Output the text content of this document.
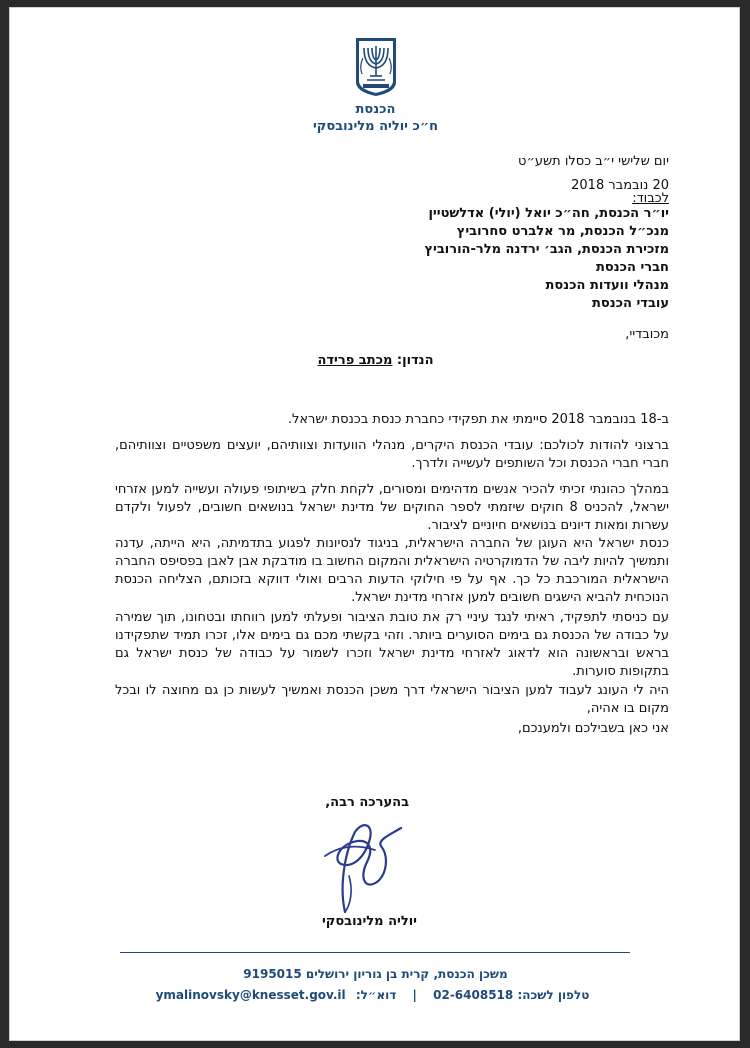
הכנסת
ח״כ יוליה מלינובסקי
יום שלישי י״ב כסלו תשע״ט
20 נובמבר 2018
לכבוד:
יו״ר הכנסת, חה״כ יואל (יולי) אדלשטיין
מנכ״ל הכנסת, מר אלברט סחרוביץ
מזכירת הכנסת, הגב׳ ירדנה מלר-הורוביץ
חברי הכנסת
מנהלי וועדות הכנסת
עובדי הכנסת
מכובדיי,
הנדון: מכתב פרידה
ב-18 בנובמבר 2018 סיימתי את תפקידי כחברת כנסת בכנסת ישראל.
ברצוני להודות לכולכם: עובדי הכנסת היקרים, מנהלי הוועדות וצוותיהם, יועצים משפטיים וצוותיהם, חברי חברי הכנסת וכל השותפים לעשייה ולדרך.
במהלך כהונתי זכיתי להכיר אנשים מדהימים ומסורים, לקחת חלק בשיתופי פעולה ועשייה למען אזרחי ישראל, להכניס 8 חוקים שיזמתי לספר החוקים של מדינת ישראל בנושאים חשובים, לפעול ולקדם עשרות ומאות דיונים בנושאים חיוניים לציבור.
כנסת ישראל היא העוגן של החברה הישראלית, בניגוד לנסיונות לפגוע בתדמיתה, היא הייתה, עדנה ותמשיך להיות ליבה של הדמוקרטיה הישראלית והמקום החשוב בו מודבקת אבן לאבן בפסיפס החברה הישראלית המורכבת כל כך. אף על פי חילוקי הדעות הרבים ואולי דווקא בזכותם, הצליחה הכנסת הנוכחית להביא הישגים חשובים למען אזרחי מדינת ישראל.
עם כניסתי לתפקיד, ראיתי לנגד עיניי רק את טובת הציבור ופעלתי למען רווחתו ובטחונו, תוך שמירה על כבודה של הכנסת גם בימים הסוערים ביותר. וזהי בקשתי מכם גם בימים אלו, זכרו תמיד שתפקידנו בראש ובראשונה הוא לדאוג לאזרחי מדינת ישראל וזכרו לשמור על כבודה של כנסת ישראל גם בתקופות סוערות.
היה לי העונג לעבוד למען הציבור הישראלי דרך משכן הכנסת ואמשיך לעשות כן גם מחוצה לו ובכל מקום בו אהיה,
אני כאן בשבילכם ולמענכם,
בהערכה רבה,
יוליה מלינובסקי
משכן הכנסת, קרית בן גוריון ירושלים 9195015
טלפון לשכה: 02-6408518 | דוא״ל: ymalinovsky@knesset.gov.il
